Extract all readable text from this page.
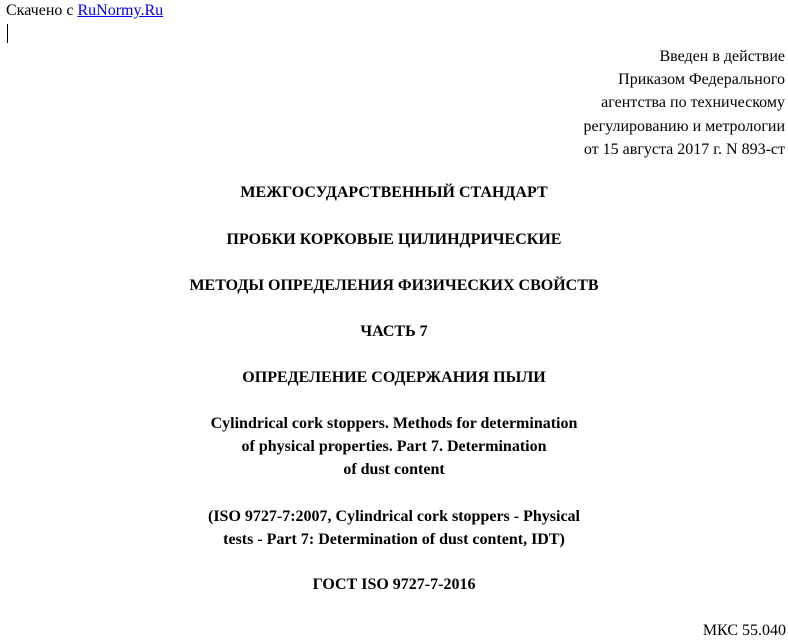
Скачено с RuNormy.Ru
Введен в действие
Приказом Федерального
агентства по техническому
регулированию и метрологии
от 15 августа 2017 г. N 893-ст
МЕЖГОСУДАРСТВЕННЫЙ СТАНДАРТ
ПРОБКИ КОРКОВЫЕ ЦИЛИНДРИЧЕСКИЕ
МЕТОДЫ ОПРЕДЕЛЕНИЯ ФИЗИЧЕСКИХ СВОЙСТВ
ЧАСТЬ 7
ОПРЕДЕЛЕНИЕ СОДЕРЖАНИЯ ПЫЛИ
Cylindrical cork stoppers. Methods for determination
of physical properties. Part 7. Determination
of dust content
(ISO 9727-7:2007, Cylindrical cork stoppers - Physical
tests - Part 7: Determination of dust content, IDT)
ГОСТ ISO 9727-7-2016
МКС 55.040
